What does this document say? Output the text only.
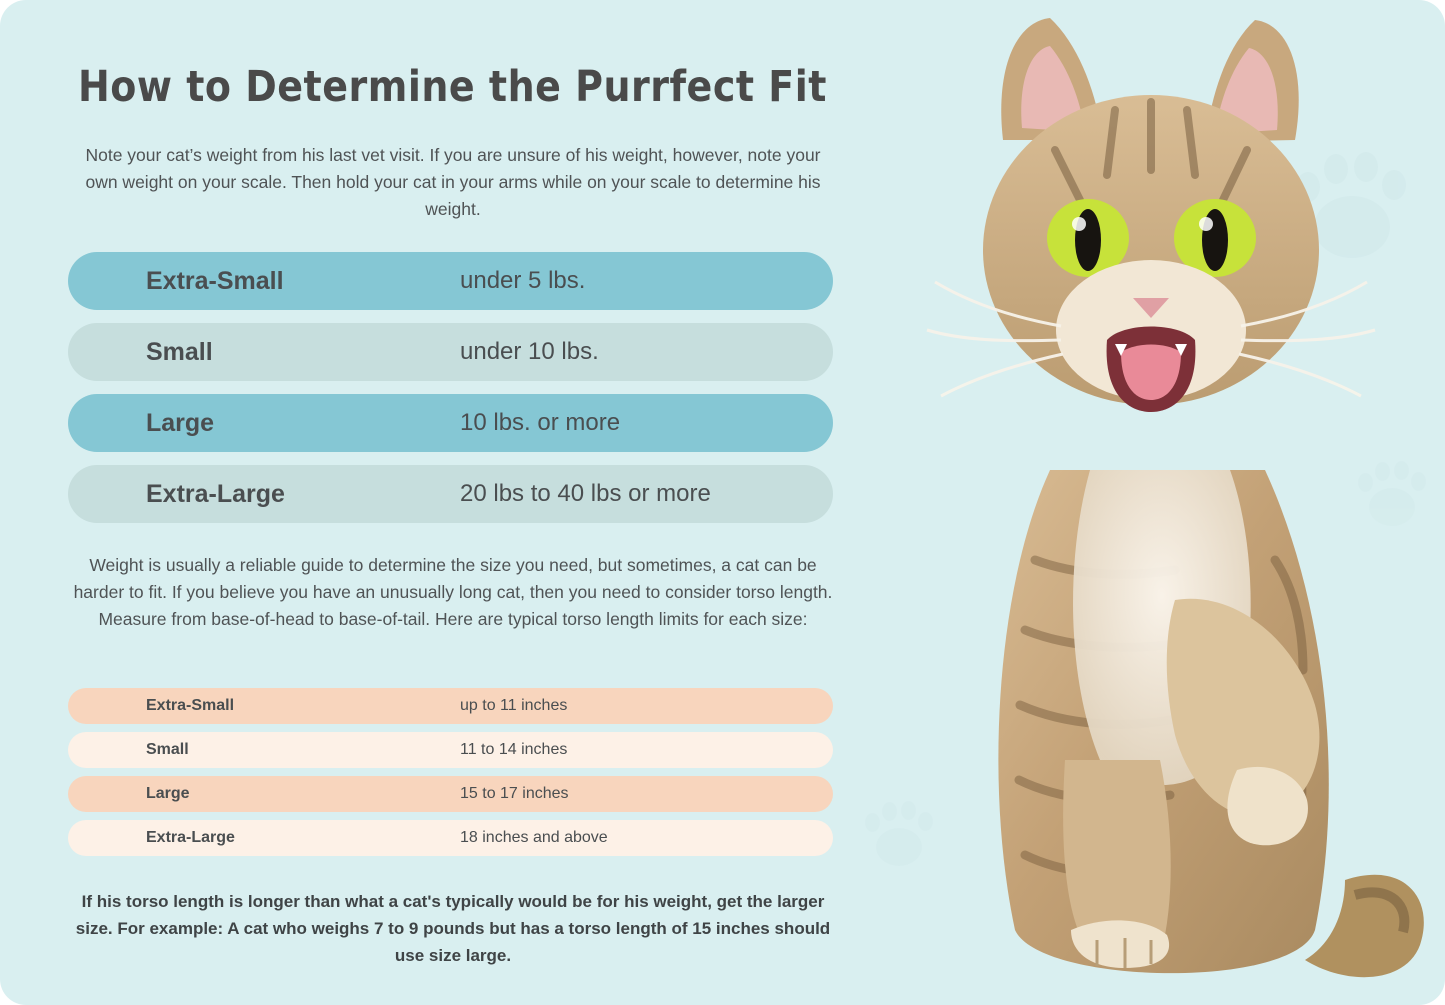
How to Determine the Purrfect Fit
Note your cat’s weight from his last vet visit. If you are unsure of his weight, however, note your own weight on your scale. Then hold your cat in your arms while on your scale to determine his weight.
Extra-Small	under 5 lbs.
Small	under 10 lbs.
Large	10 lbs. or more
Extra-Large	20 lbs to 40 lbs or more
Weight is usually a reliable guide to determine the size you need, but sometimes, a cat can be harder to fit. If you believe you have an unusually long cat, then you need to consider torso length. Measure from base-of-head to base-of-tail. Here are typical torso length limits for each size:
Extra-Small	up to 11 inches
Small	11 to 14 inches
Large	15 to 17 inches
Extra-Large	18 inches and above
If his torso length is longer than what a cat's typically would be for his weight, get the larger size. For example: A cat who weighs 7 to 9 pounds but has a torso length of 15 inches should use size large.
